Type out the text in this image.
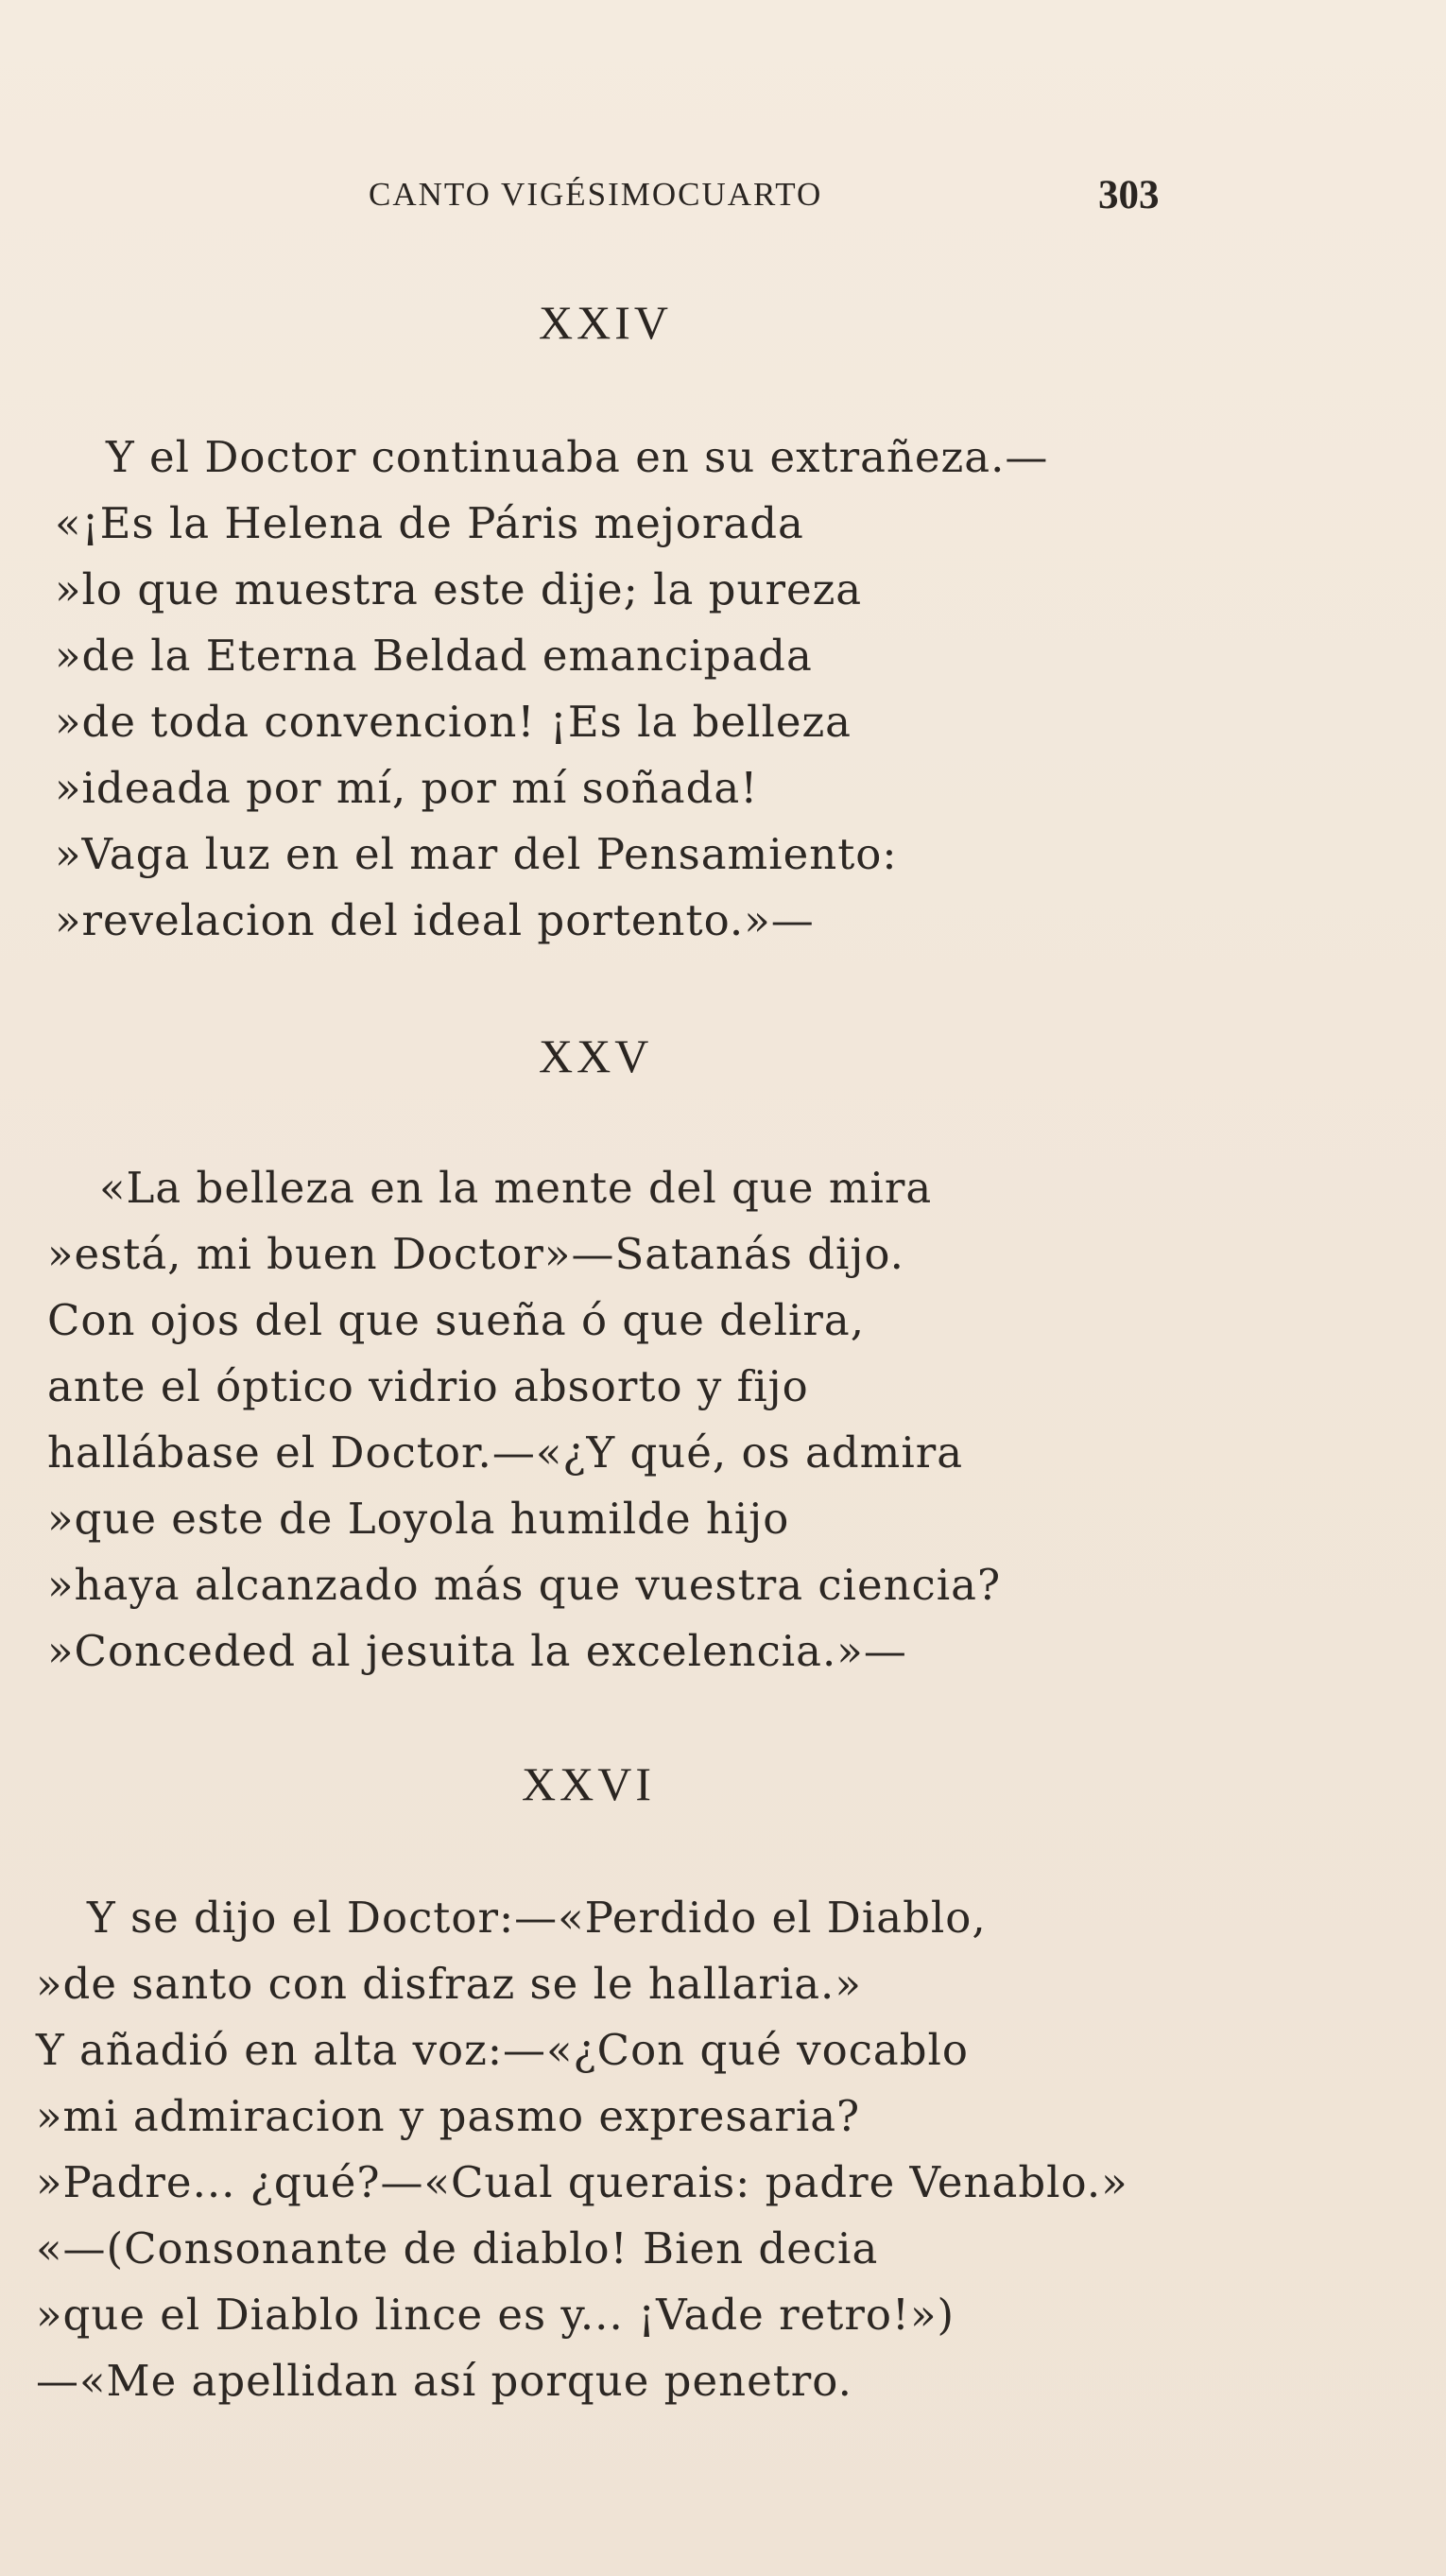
CANTO VIGÉSIMOCUARTO	303
XXIV
Y el Doctor continuaba en su extrañeza.—
«¡Es la Helena de Páris mejorada
»lo que muestra este dije; la pureza
»de la Eterna Beldad emancipada
»de toda convencion! ¡Es la belleza
»ideada por mí, por mí soñada!
»Vaga luz en el mar del Pensamiento:
»revelacion del ideal portento.»—
XXV
«La belleza en la mente del que mira
»está, mi buen Doctor»—Satanás dijo.
Con ojos del que sueña ó que delira,
ante el óptico vidrio absorto y fijo
hallábase el Doctor.—«¿Y qué, os admira
»que este de Loyola humilde hijo
»haya alcanzado más que vuestra ciencia?
»Conceded al jesuita la excelencia.»—
XXVI
Y se dijo el Doctor:—«Perdido el Diablo,
»de santo con disfraz se le hallaria.»
Y añadió en alta voz:—«¿Con qué vocablo
»mi admiracion y pasmo expresaria?
»Padre... ¿qué?—«Cual querais: padre Venablo.»
«—(Consonante de diablo! Bien decia
»que el Diablo lince es y... ¡Vade retro!»)
—«Me apellidan así porque penetro.
